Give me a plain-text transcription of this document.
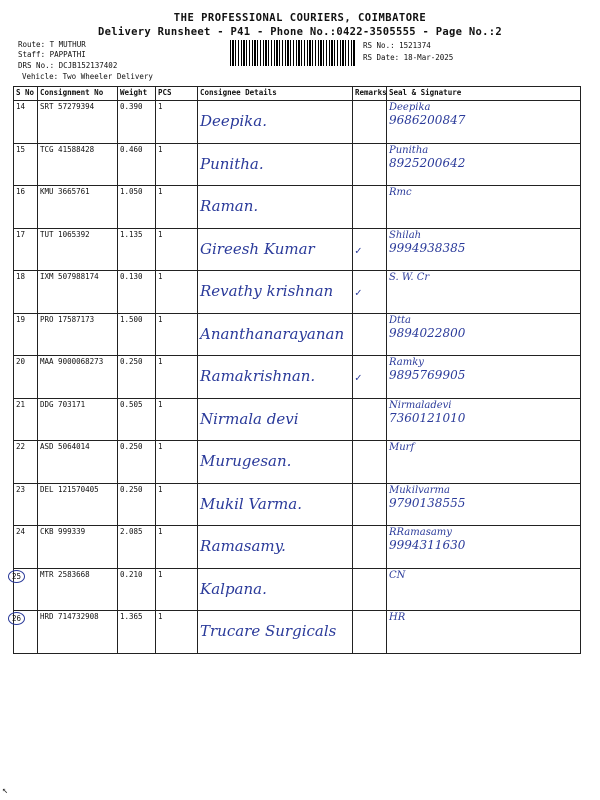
THE PROFESSIONAL COURIERS, COIMBATORE
Delivery Runsheet - P41 - Phone No.:0422-3505555 - Page No.:2
Route: T MUTHUR
Staff: PAPPATHI
DRS No.: DCJB152137402
Vehicle: Two Wheeler Delivery
RS No.: 1521374
RS Date: 18-Mar-2025
S No	Consignment No	Weight	PCS	Consignee Details	Remarks	Seal & Signature
14	SRT 57279394	0.390	1	Deepika.		Deepika
9686200847

15	TCG 41588428	0.460	1	Punitha.		Punitha
8925200642

16	KMU 3665761	1.050	1	Raman.		Rmc

17	TUT 1065392	1.135	1	Gireesh Kumar	✓	Shilah
9994938385

18	IXM 507988174	0.130	1	Revathy krishnan	✓	S. W. Cr

19	PRO 17587173	1.500	1	Ananthanarayanan		Dtta
9894022800

20	MAA 9000068273	0.250	1	Ramakrishnan.	✓	Ramky
9895769905

21	DDG 703171	0.505	1	Nirmala devi		Nirmaladevi
7360121010

22	ASD 5064014	0.250	1	Murugesan.		Murf

23	DEL 121570405	0.250	1	Mukil Varma.		Mukilvarma
9790138555

24	CKB 999339	2.085	1	Ramasamy.		RRamasamy
9994311630

25	MTR 2583668	0.210	1	Kalpana.		CN

26	HRD 714732908	1.365	1	Trucare Surgicals		HR
↖
